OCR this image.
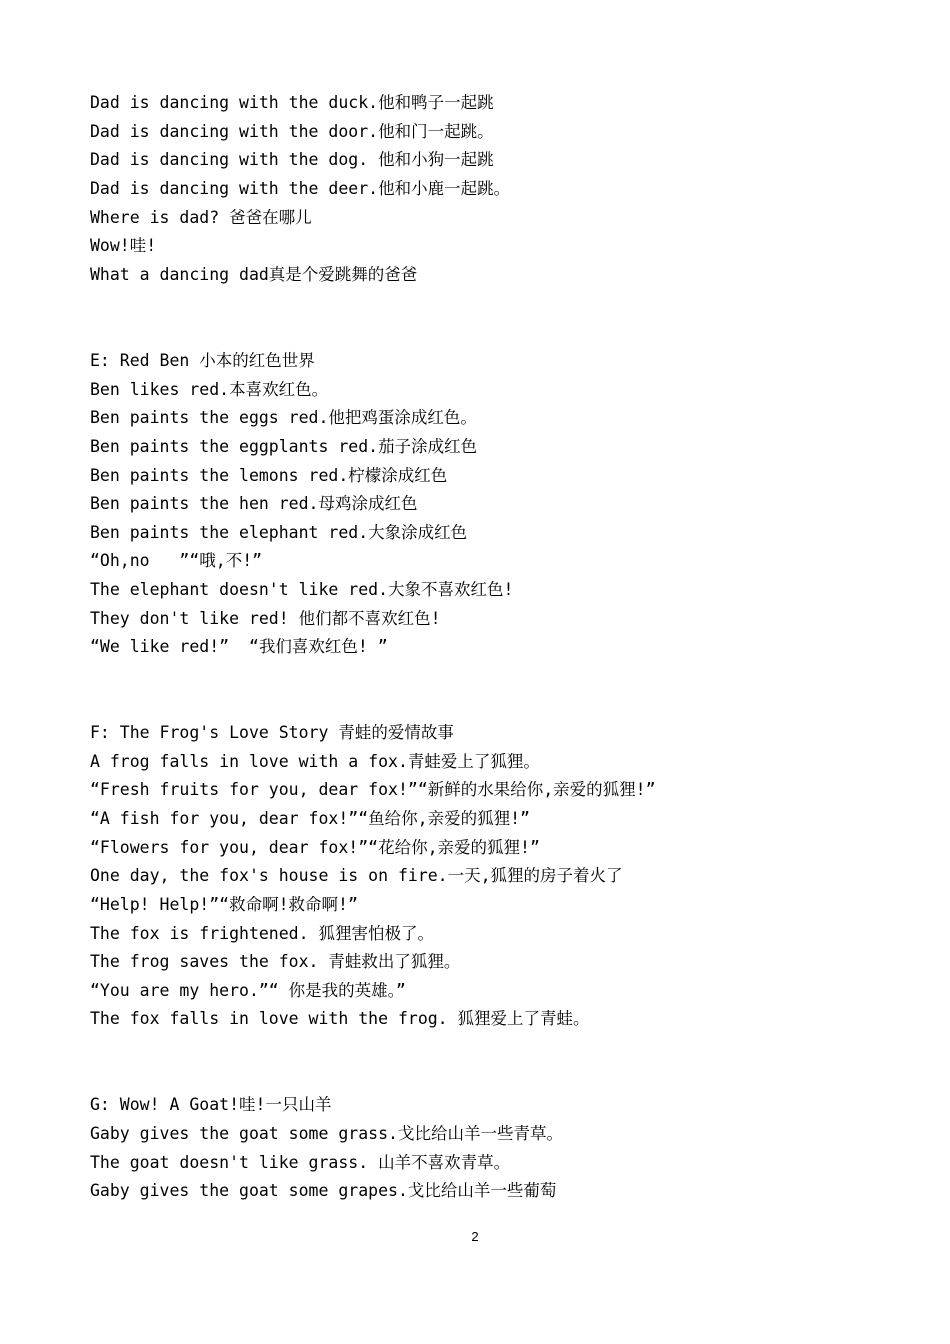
Dad is dancing with the duck.他和鸭子一起跳
Dad is dancing with the door.他和门一起跳。
Dad is dancing with the dog. 他和小狗一起跳
Dad is dancing with the deer.他和小鹿一起跳。
Where is dad? 爸爸在哪儿
Wow!哇!
What a dancing dad真是个爱跳舞的爸爸
E: Red Ben 小本的红色世界
Ben likes red.本喜欢红色。
Ben paints the eggs red.他把鸡蛋涂成红色。
Ben paints the eggplants red.茄子涂成红色
Ben paints the lemons red.柠檬涂成红色
Ben paints the hen red.母鸡涂成红色
Ben paints the elephant red.大象涂成红色
“Oh,no   ”“哦,不!”
The elephant doesn't like red.大象不喜欢红色!
They don't like red! 他们都不喜欢红色!
“We like red!”  “我们喜欢红色! ”
F: The Frog's Love Story 青蛙的爱情故事
A frog falls in love with a fox.青蛙爱上了狐狸。
“Fresh fruits for you, dear fox!”“新鲜的水果给你,亲爱的狐狸!”
“A fish for you, dear fox!”“鱼给你,亲爱的狐狸!”
“Flowers for you, dear fox!”“花给你,亲爱的狐狸!”
One day, the fox's house is on fire.一天,狐狸的房子着火了
“Help! Help!”“救命啊!救命啊!”
The fox is frightened. 狐狸害怕极了。
The frog saves the fox. 青蛙救出了狐狸。
“You are my hero.”“ 你是我的英雄。”
The fox falls in love with the frog. 狐狸爱上了青蛙。
G: Wow! A Goat!哇!一只山羊
Gaby gives the goat some grass.戈比给山羊一些青草。
The goat doesn't like grass. 山羊不喜欢青草。
Gaby gives the goat some grapes.戈比给山羊一些葡萄
2
